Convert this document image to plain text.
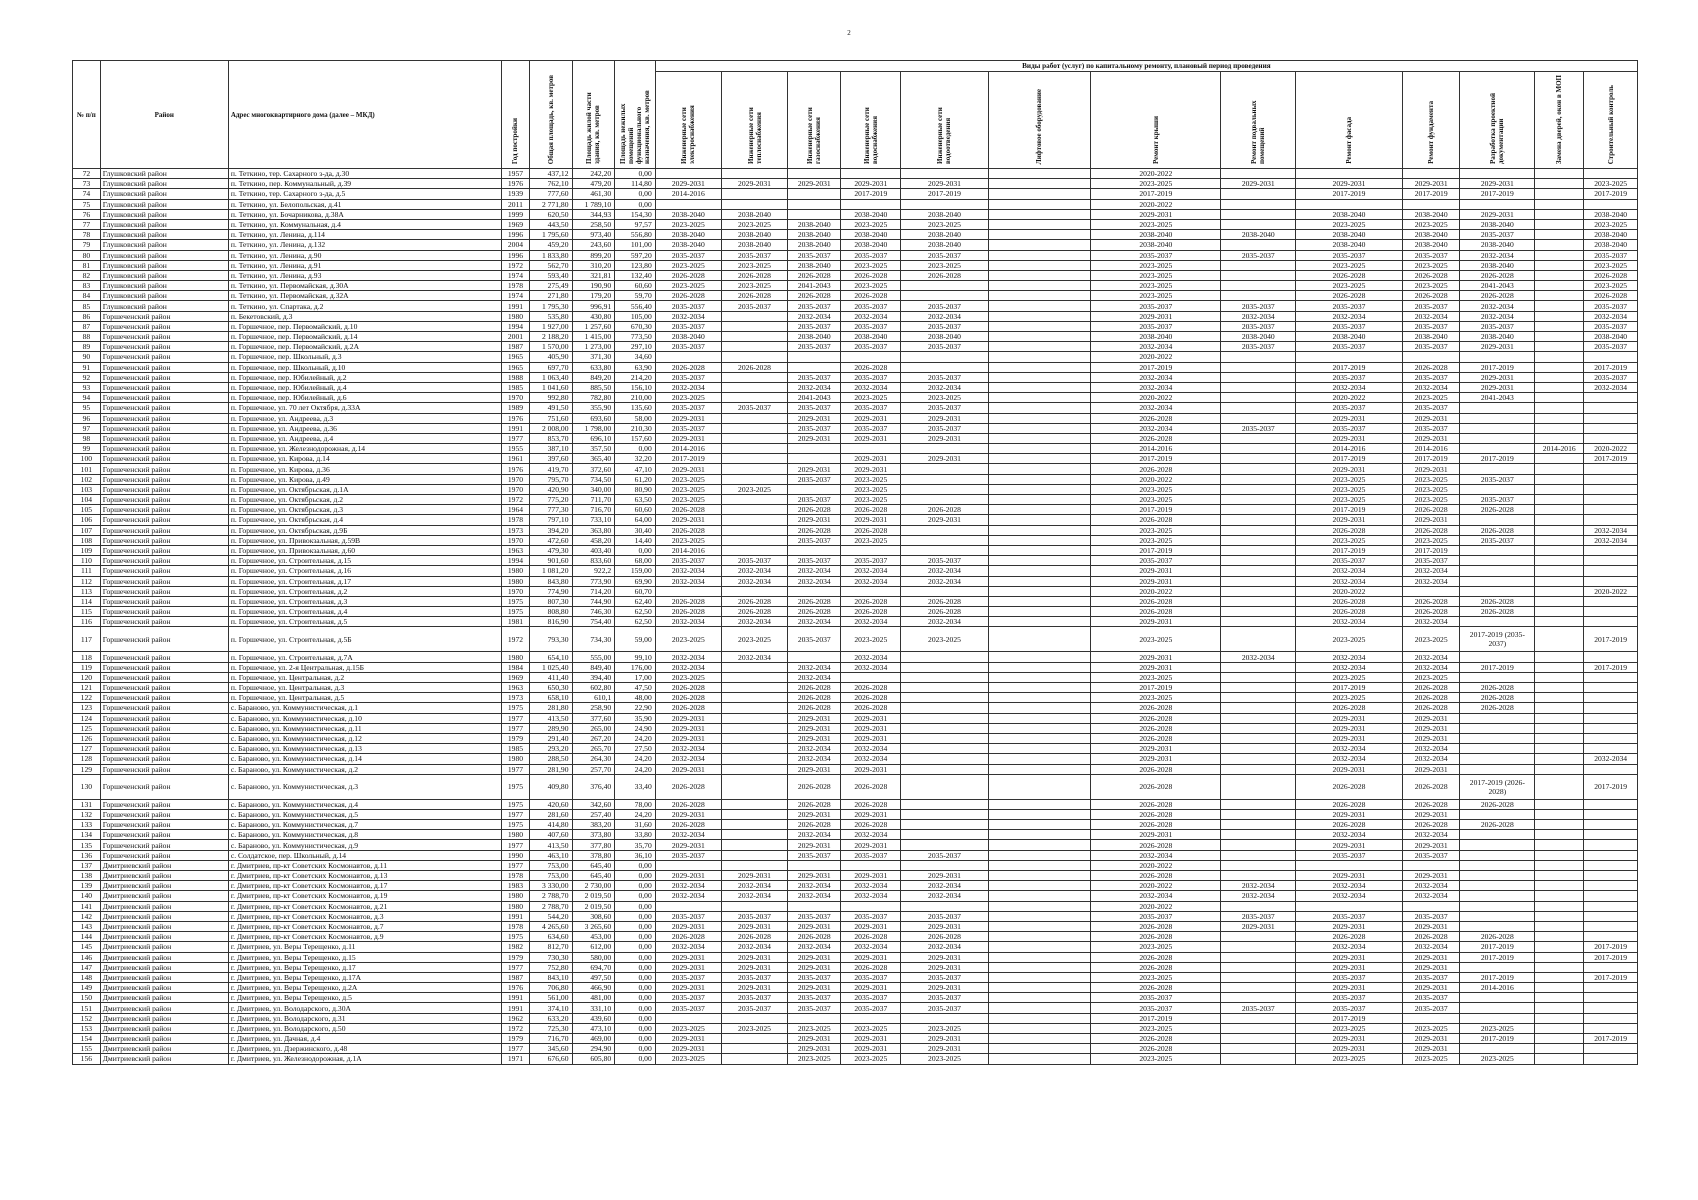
2
№ п/п	Район	Адрес многоквартирного дома (далее – МКД)	Год постройки	Общая площадь, кв. метров	Площадь жилой части здания, кв. метров	Площадь нежилых помещений функционального назначения, кв. метров	Виды работ (услуг) по капитальному ремонту, плановый период проведения												
							Инженерные сети электроснабжения	Инженерные сети теплоснабжения	Инженерные сети газоснабжения	Инженерные сети водоснабжения	Инженерные сети водоотведения	Лифтовое оборудование	Ремонт крыши	Ремонт подвальных помещений	Ремонт фасада	Ремонт фундамента	Разработка проектной документации	Замена дверей, окон в МОП	Строительный контроль
72	Глушковский район	п. Теткино, тер. Сахарного з-да, д.30	1957	437,12	242,20	0,00							2020-2022						
73	Глушковский район	п. Теткино, пер. Коммунальный, д.39	1976	762,10	479,20	114,80	2029-2031	2029-2031	2029-2031	2029-2031	2029-2031		2023-2025	2029-2031	2029-2031	2029-2031	2029-2031		2023-2025
74	Глушковский район	п. Теткино, тер. Сахарного з-да, д.5	1939	777,60	461,30	0,00	2014-2016			2017-2019	2017-2019		2017-2019		2017-2019	2017-2019	2017-2019		2017-2019
75	Глушковский район	п. Теткино, ул. Белопольская, д.41	2011	2 771,80	1 789,10	0,00							2020-2022						
76	Глушковский район	п. Теткино, ул. Бочарникова, д.38А	1999	620,50	344,93	154,30	2038-2040	2038-2040		2038-2040	2038-2040		2029-2031		2038-2040	2038-2040	2029-2031		2038-2040
77	Глушковский район	п. Теткино, ул. Коммунальная, д.4	1969	443,50	258,50	97,57	2023-2025	2023-2025	2038-2040	2023-2025	2023-2025		2023-2025		2023-2025	2023-2025	2038-2040		2023-2025
78	Глушковский район	п. Теткино, ул. Ленина, д.114	1996	1 795,60	973,40	556,80	2038-2040	2038-2040	2038-2040	2038-2040	2038-2040		2038-2040	2038-2040	2038-2040	2038-2040	2035-2037		2038-2040
79	Глушковский район	п. Теткино, ул. Ленина, д.132	2004	459,20	243,60	101,00	2038-2040	2038-2040	2038-2040	2038-2040	2038-2040		2038-2040		2038-2040	2038-2040	2038-2040		2038-2040
80	Глушковский район	п. Теткино, ул. Ленина, д.90	1996	1 833,80	899,20	597,20	2035-2037	2035-2037	2035-2037	2035-2037	2035-2037		2035-2037	2035-2037	2035-2037	2035-2037	2032-2034		2035-2037
81	Глушковский район	п. Теткино, ул. Ленина, д.91	1972	562,70	310,20	123,80	2023-2025	2023-2025	2038-2040	2023-2025	2023-2025		2023-2025		2023-2025	2023-2025	2038-2040		2023-2025
82	Глушковский район	п. Теткино, ул. Ленина, д.93	1974	593,40	321,81	132,40	2026-2028	2026-2028	2026-2028	2026-2028	2026-2028		2023-2025		2026-2028	2026-2028	2026-2028		2026-2028
83	Глушковский район	п. Теткино, ул. Первомайская, д.30А	1978	275,49	190,90	60,60	2023-2025	2023-2025	2041-2043	2023-2025			2023-2025		2023-2025	2023-2025	2041-2043		2023-2025
84	Глушковский район	п. Теткино, ул. Первомайская, д.32А	1974	271,80	179,20	59,70	2026-2028	2026-2028	2026-2028	2026-2028			2023-2025		2026-2028	2026-2028	2026-2028		2026-2028
85	Глушковский район	п. Теткино, ул. Спартака, д.2	1991	1 795,30	996,91	556,40	2035-2037	2035-2037	2035-2037	2035-2037	2035-2037		2035-2037	2035-2037	2035-2037	2035-2037	2032-2034		2035-2037
86	Горшеченский район	п. Бекетовский, д.3	1980	535,80	430,80	105,00	2032-2034		2032-2034	2032-2034	2032-2034		2029-2031	2032-2034	2032-2034	2032-2034	2032-2034		2032-2034
87	Горшеченский район	п. Горшечное, пер. Первомайский, д.10	1994	1 927,00	1 257,60	670,30	2035-2037		2035-2037	2035-2037	2035-2037		2035-2037	2035-2037	2035-2037	2035-2037	2035-2037		2035-2037
88	Горшеченский район	п. Горшечное, пер. Первомайский, д.14	2001	2 188,20	1 415,00	773,50	2038-2040		2038-2040	2038-2040	2038-2040		2038-2040	2038-2040	2038-2040	2038-2040	2038-2040		2038-2040
89	Горшеченский район	п. Горшечное, пер. Первомайский, д.2А	1987	1 570,00	1 273,00	297,10	2035-2037		2035-2037	2035-2037	2035-2037		2032-2034	2035-2037	2035-2037	2035-2037	2029-2031		2035-2037
90	Горшеченский район	п. Горшечное, пер. Школьный, д.3	1965	405,90	371,30	34,60							2020-2022						
91	Горшеченский район	п. Горшечное, пер. Школьный, д.10	1965	697,70	633,80	63,90	2026-2028	2026-2028		2026-2028			2017-2019		2017-2019	2026-2028	2017-2019		2017-2019
92	Горшеченский район	п. Горшечное, пер. Юбилейный, д.2	1988	1 063,40	849,20	214,20	2035-2037		2035-2037	2035-2037	2035-2037		2032-2034		2035-2037	2035-2037	2029-2031		2035-2037
93	Горшеченский район	п. Горшечное, пер. Юбилейный, д.4	1985	1 041,60	885,50	156,10	2032-2034		2032-2034	2032-2034	2032-2034		2032-2034		2032-2034	2032-2034	2029-2031		2032-2034
94	Горшеченский район	п. Горшечное, пер. Юбилейный, д.6	1970	992,80	782,80	210,00	2023-2025		2041-2043	2023-2025	2023-2025		2020-2022		2020-2022	2023-2025	2041-2043		
95	Горшеченский район	п. Горшечное, ул. 70 лет Октября, д.33А	1989	491,50	355,90	135,60	2035-2037	2035-2037	2035-2037	2035-2037	2035-2037		2032-2034		2035-2037	2035-2037			
96	Горшеченский район	п. Горшечное, ул. Андреева, д.3	1976	751,60	693,60	58,00	2029-2031		2029-2031	2029-2031	2029-2031		2026-2028		2029-2031	2029-2031			
97	Горшеченский район	п. Горшечное, ул. Андреева, д.36	1991	2 008,00	1 798,00	210,30	2035-2037		2035-2037	2035-2037	2035-2037		2032-2034	2035-2037	2035-2037	2035-2037			
98	Горшеченский район	п. Горшечное, ул. Андреева, д.4	1977	853,70	696,10	157,60	2029-2031		2029-2031	2029-2031	2029-2031		2026-2028		2029-2031	2029-2031			
99	Горшеченский район	п. Горшечное, ул. Железнодорожная, д.14	1955	387,10	357,50	0,00	2014-2016						2014-2016		2014-2016	2014-2016		2014-2016	2020-2022
100	Горшеченский район	п. Горшечное, ул. Кирова, д.14	1961	397,60	365,40	32,20	2017-2019			2029-2031	2029-2031		2017-2019		2017-2019	2017-2019	2017-2019		2017-2019
101	Горшеченский район	п. Горшечное, ул. Кирова, д.36	1976	419,70	372,60	47,10	2029-2031		2029-2031	2029-2031			2026-2028		2029-2031	2029-2031			
102	Горшеченский район	п. Горшечное, ул. Кирова, д.49	1970	795,70	734,50	61,20	2023-2025		2035-2037	2023-2025			2020-2022		2023-2025	2023-2025	2035-2037		
103	Горшеченский район	п. Горшечное, ул. Октябрьская, д.1А	1970	420,90	340,00	80,90	2023-2025	2023-2025		2023-2025			2023-2025		2023-2025	2023-2025			
104	Горшеченский район	п. Горшечное, ул. Октябрьская, д.2	1972	775,20	711,70	63,50	2023-2025		2035-2037	2023-2025			2023-2025		2023-2025	2023-2025	2035-2037		
105	Горшеченский район	п. Горшечное, ул. Октябрьская, д.3	1964	777,30	716,70	60,60	2026-2028		2026-2028	2026-2028	2026-2028		2017-2019		2017-2019	2026-2028	2026-2028		
106	Горшеченский район	п. Горшечное, ул. Октябрьская, д.4	1978	797,10	733,10	64,00	2029-2031		2029-2031	2029-2031	2029-2031		2026-2028		2029-2031	2029-2031			
107	Горшеченский район	п. Горшечное, ул. Октябрьская, д.9Б	1973	394,20	363,80	30,40	2026-2028		2026-2028	2026-2028			2023-2025		2026-2028	2026-2028	2026-2028		2032-2034
108	Горшеченский район	п. Горшечное, ул. Привокзальная, д.59В	1970	472,60	458,20	14,40	2023-2025		2035-2037	2023-2025			2023-2025		2023-2025	2023-2025	2035-2037		2032-2034
109	Горшеченский район	п. Горшечное, ул. Привокзальная, д.60	1963	479,30	403,40	0,00	2014-2016						2017-2019		2017-2019	2017-2019			
110	Горшеченский район	п. Горшечное, ул. Строительная, д.15	1994	901,60	833,60	68,00	2035-2037	2035-2037	2035-2037	2035-2037	2035-2037		2035-2037		2035-2037	2035-2037			
111	Горшеченский район	п. Горшечное, ул. Строительная, д.16	1980	1 081,20	922,2	159,00	2032-2034	2032-2034	2032-2034	2032-2034	2032-2034		2029-2031		2032-2034	2032-2034			
112	Горшеченский район	п. Горшечное, ул. Строительная, д.17	1980	843,80	773,90	69,90	2032-2034	2032-2034	2032-2034	2032-2034	2032-2034		2029-2031		2032-2034	2032-2034			
113	Горшеченский район	п. Горшечное, ул. Строительная, д.2	1970	774,90	714,20	60,70							2020-2022		2020-2022				2020-2022
114	Горшеченский район	п. Горшечное, ул. Строительная, д.3	1975	807,30	744,90	62,40	2026-2028	2026-2028	2026-2028	2026-2028	2026-2028		2026-2028		2026-2028	2026-2028	2026-2028		
115	Горшеченский район	п. Горшечное, ул. Строительная, д.4	1975	808,80	746,30	62,50	2026-2028	2026-2028	2026-2028	2026-2028	2026-2028		2026-2028		2026-2028	2026-2028	2026-2028		
116	Горшеченский район	п. Горшечное, ул. Строительная, д.5	1981	816,90	754,40	62,50	2032-2034	2032-2034	2032-2034	2032-2034	2032-2034		2029-2031		2032-2034	2032-2034			
117	Горшеченский район	п. Горшечное, ул. Строительная, д.5Б	1972	793,30	734,30	59,00	2023-2025	2023-2025	2035-2037	2023-2025	2023-2025		2023-2025		2023-2025	2023-2025	2017-2019 (2035-2037)		2017-2019
118	Горшеченский район	п. Горшечное, ул. Строительная, д.7А	1980	654,10	555,00	99,10	2032-2034	2032-2034		2032-2034			2029-2031	2032-2034	2032-2034	2032-2034			
119	Горшеченский район	п. Горшечное, ул. 2-я Центральная, д.15Б	1984	1 025,40	849,40	176,00	2032-2034		2032-2034	2032-2034			2029-2031		2032-2034	2032-2034	2017-2019		2017-2019
120	Горшеченский район	п. Горшечное, ул. Центральная, д.2	1969	411,40	394,40	17,00	2023-2025		2032-2034				2023-2025		2023-2025	2023-2025			
121	Горшеченский район	п. Горшечное, ул. Центральная, д.3	1963	650,30	602,80	47,50	2026-2028		2026-2028	2026-2028			2017-2019		2017-2019	2026-2028	2026-2028		
122	Горшеченский район	п. Горшечное, ул. Центральная, д.5	1973	658,10	610,1	48,00	2026-2028		2026-2028	2026-2028			2023-2025		2023-2025	2026-2028	2026-2028		
123	Горшеченский район	с. Бараново, ул. Коммунистическая, д.1	1975	281,80	258,90	22,90	2026-2028		2026-2028	2026-2028			2026-2028		2026-2028	2026-2028	2026-2028		
124	Горшеченский район	с. Бараново, ул. Коммунистическая, д.10	1977	413,50	377,60	35,90	2029-2031		2029-2031	2029-2031			2026-2028		2029-2031	2029-2031			
125	Горшеченский район	с. Бараново, ул. Коммунистическая, д.11	1977	289,90	265,00	24,90	2029-2031		2029-2031	2029-2031			2026-2028		2029-2031	2029-2031			
126	Горшеченский район	с. Бараново, ул. Коммунистическая, д.12	1979	291,40	267,20	24,20	2029-2031		2029-2031	2029-2031			2026-2028		2029-2031	2029-2031			
127	Горшеченский район	с. Бараново, ул. Коммунистическая, д.13	1985	293,20	265,70	27,50	2032-2034		2032-2034	2032-2034			2029-2031		2032-2034	2032-2034			
128	Горшеченский район	с. Бараново, ул. Коммунистическая, д.14	1980	288,50	264,30	24,20	2032-2034		2032-2034	2032-2034			2029-2031		2032-2034	2032-2034			2032-2034
129	Горшеченский район	с. Бараново, ул. Коммунистическая, д.2	1977	281,90	257,70	24,20	2029-2031		2029-2031	2029-2031			2026-2028		2029-2031	2029-2031			
130	Горшеченский район	с. Бараново, ул. Коммунистическая, д.3	1975	409,80	376,40	33,40	2026-2028		2026-2028	2026-2028			2026-2028		2026-2028	2026-2028	2017-2019 (2026-2028)		2017-2019
131	Горшеченский район	с. Бараново, ул. Коммунистическая, д.4	1975	420,60	342,60	78,00	2026-2028		2026-2028	2026-2028			2026-2028		2026-2028	2026-2028	2026-2028		
132	Горшеченский район	с. Бараново, ул. Коммунистическая, д.5	1977	281,60	257,40	24,20	2029-2031		2029-2031	2029-2031			2026-2028		2029-2031	2029-2031			
133	Горшеченский район	с. Бараново, ул. Коммунистическая, д.7	1975	414,80	383,20	31,60	2026-2028		2026-2028	2026-2028			2026-2028		2026-2028	2026-2028	2026-2028		
134	Горшеченский район	с. Бараново, ул. Коммунистическая, д.8	1980	407,60	373,80	33,80	2032-2034		2032-2034	2032-2034			2029-2031		2032-2034	2032-2034			
135	Горшеченский район	с. Бараново, ул. Коммунистическая, д.9	1977	413,50	377,80	35,70	2029-2031		2029-2031	2029-2031			2026-2028		2029-2031	2029-2031			
136	Горшеченский район	с. Солдатское, пер. Школьный, д.14	1990	463,10	378,80	36,10	2035-2037		2035-2037	2035-2037	2035-2037		2032-2034		2035-2037	2035-2037			
137	Дмитриевский район	г. Дмитриев, пр-кт Советских Космонавтов, д.11	1977	753,00	645,40	0,00							2020-2022						
138	Дмитриевский район	г. Дмитриев, пр-кт Советских Космонавтов, д.13	1978	753,00	645,40	0,00	2029-2031	2029-2031	2029-2031	2029-2031	2029-2031		2026-2028		2029-2031	2029-2031			
139	Дмитриевский район	г. Дмитриев, пр-кт Советских Космонавтов, д.17	1983	3 330,00	2 730,00	0,00	2032-2034	2032-2034	2032-2034	2032-2034	2032-2034		2020-2022	2032-2034	2032-2034	2032-2034			
140	Дмитриевский район	г. Дмитриев, пр-кт Советских Космонавтов, д.19	1980	2 788,70	2 019,50	0,00	2032-2034	2032-2034	2032-2034	2032-2034	2032-2034		2032-2034	2032-2034	2032-2034	2032-2034			
141	Дмитриевский район	г. Дмитриев, пр-кт Советских Космонавтов, д.21	1980	2 788,70	2 019,50	0,00							2020-2022						
142	Дмитриевский район	г. Дмитриев, пр-кт Советских Космонавтов, д.3	1991	544,20	308,60	0,00	2035-2037	2035-2037	2035-2037	2035-2037	2035-2037		2035-2037	2035-2037	2035-2037	2035-2037			
143	Дмитриевский район	г. Дмитриев, пр-кт Советских Космонавтов, д.7	1978	4 265,60	3 265,60	0,00	2029-2031	2029-2031	2029-2031	2029-2031	2029-2031		2026-2028	2029-2031	2029-2031	2029-2031			
144	Дмитриевский район	г. Дмитриев, пр-кт Советских Космонавтов, д.9	1975	634,60	453,00	0,00	2026-2028	2026-2028	2026-2028	2026-2028	2026-2028		2026-2028		2026-2028	2026-2028	2026-2028		
145	Дмитриевский район	г. Дмитриев, ул. Веры Терещенко, д.11	1982	812,70	612,00	0,00	2032-2034	2032-2034	2032-2034	2032-2034	2032-2034		2023-2025		2032-2034	2032-2034	2017-2019		2017-2019
146	Дмитриевский район	г. Дмитриев, ул. Веры Терещенко, д.15	1979	730,30	580,00	0,00	2029-2031	2029-2031	2029-2031	2029-2031	2029-2031		2026-2028		2029-2031	2029-2031	2017-2019		2017-2019
147	Дмитриевский район	г. Дмитриев, ул. Веры Терещенко, д.17	1977	752,80	694,70	0,00	2029-2031	2029-2031	2029-2031	2026-2028	2029-2031		2026-2028		2029-2031	2029-2031			
148	Дмитриевский район	г. Дмитриев, ул. Веры Терещенко, д.17А	1987	843,10	497,50	0,00	2035-2037	2035-2037	2035-2037	2035-2037	2035-2037		2023-2025		2035-2037	2035-2037	2017-2019		2017-2019
149	Дмитриевский район	г. Дмитриев, ул. Веры Терещенко, д.2А	1976	706,80	466,90	0,00	2029-2031	2029-2031	2029-2031	2029-2031	2029-2031		2026-2028		2029-2031	2029-2031	2014-2016		
150	Дмитриевский район	г. Дмитриев, ул. Веры Терещенко, д.5	1991	561,00	481,00	0,00	2035-2037	2035-2037	2035-2037	2035-2037	2035-2037		2035-2037		2035-2037	2035-2037			
151	Дмитриевский район	г. Дмитриев, ул. Володарского, д.30А	1991	374,10	331,10	0,00	2035-2037	2035-2037	2035-2037	2035-2037	2035-2037		2035-2037	2035-2037	2035-2037	2035-2037			
152	Дмитриевский район	г. Дмитриев, ул. Володарского, д.31	1962	633,20	439,60	0,00							2017-2019		2017-2019				
153	Дмитриевский район	г. Дмитриев, ул. Володарского, д.50	1972	725,30	473,10	0,00	2023-2025	2023-2025	2023-2025	2023-2025	2023-2025		2023-2025		2023-2025	2023-2025	2023-2025		
154	Дмитриевский район	г. Дмитриев, ул. Дачная, д.4	1979	716,70	469,00	0,00	2029-2031		2029-2031	2029-2031	2029-2031		2026-2028		2029-2031	2029-2031	2017-2019		2017-2019
155	Дмитриевский район	г. Дмитриев, ул. Дзержинского, д.48	1977	345,60	294,90	0,00	2029-2031		2029-2031	2029-2031	2029-2031		2026-2028		2029-2031	2029-2031			
156	Дмитриевский район	г. Дмитриев, ул. Железнодорожная, д.1А	1971	676,60	605,80	0,00	2023-2025		2023-2025	2023-2025	2023-2025		2023-2025		2023-2025	2023-2025	2023-2025		
